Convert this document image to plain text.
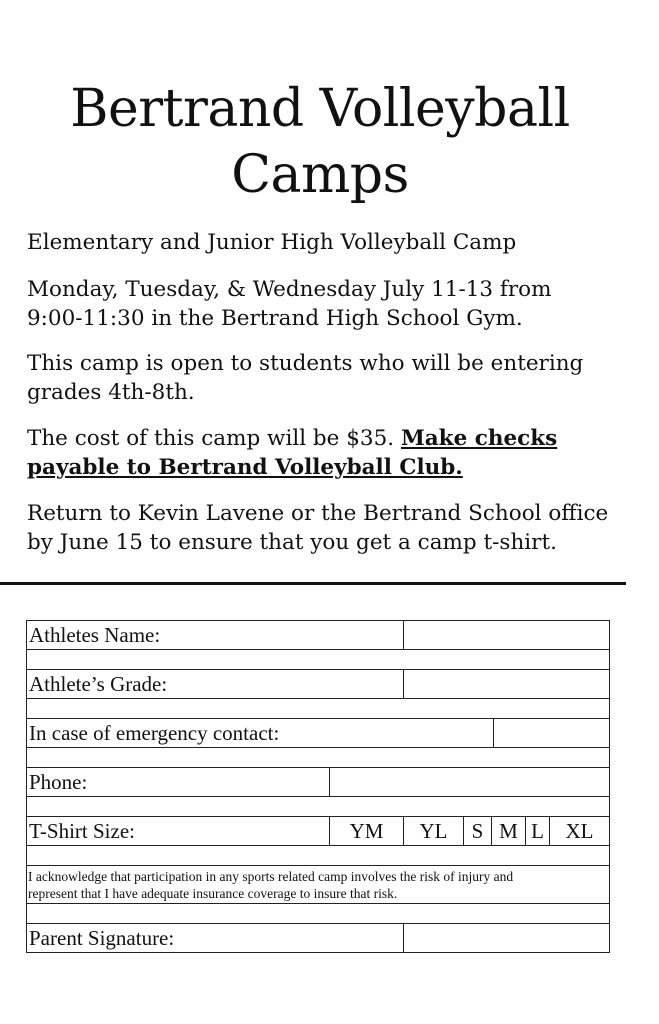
Bertrand Volleyball
Camps

Elementary and Junior High Volleyball Camp

Monday, Tuesday, & Wednesday July 11-13 from
9:00-11:30 in the Bertrand High School Gym.

This camp is open to students who will be entering
grades 4th-8th.

The cost of this camp will be $35. Make checks
payable to Bertrand Volleyball Club.

Return to Kevin Lavene or the Bertrand School office
by June 15 to ensure that you get a camp t-shirt.

Athletes Name:
Athlete’s Grade:
In case of emergency contact:
Phone:
T-Shirt Size:	YM	YL	S M L	XL
I acknowledge that participation in any sports related camp involves the risk of injury and
represent that I have adequate insurance coverage to insure that risk.
Parent Signature:
